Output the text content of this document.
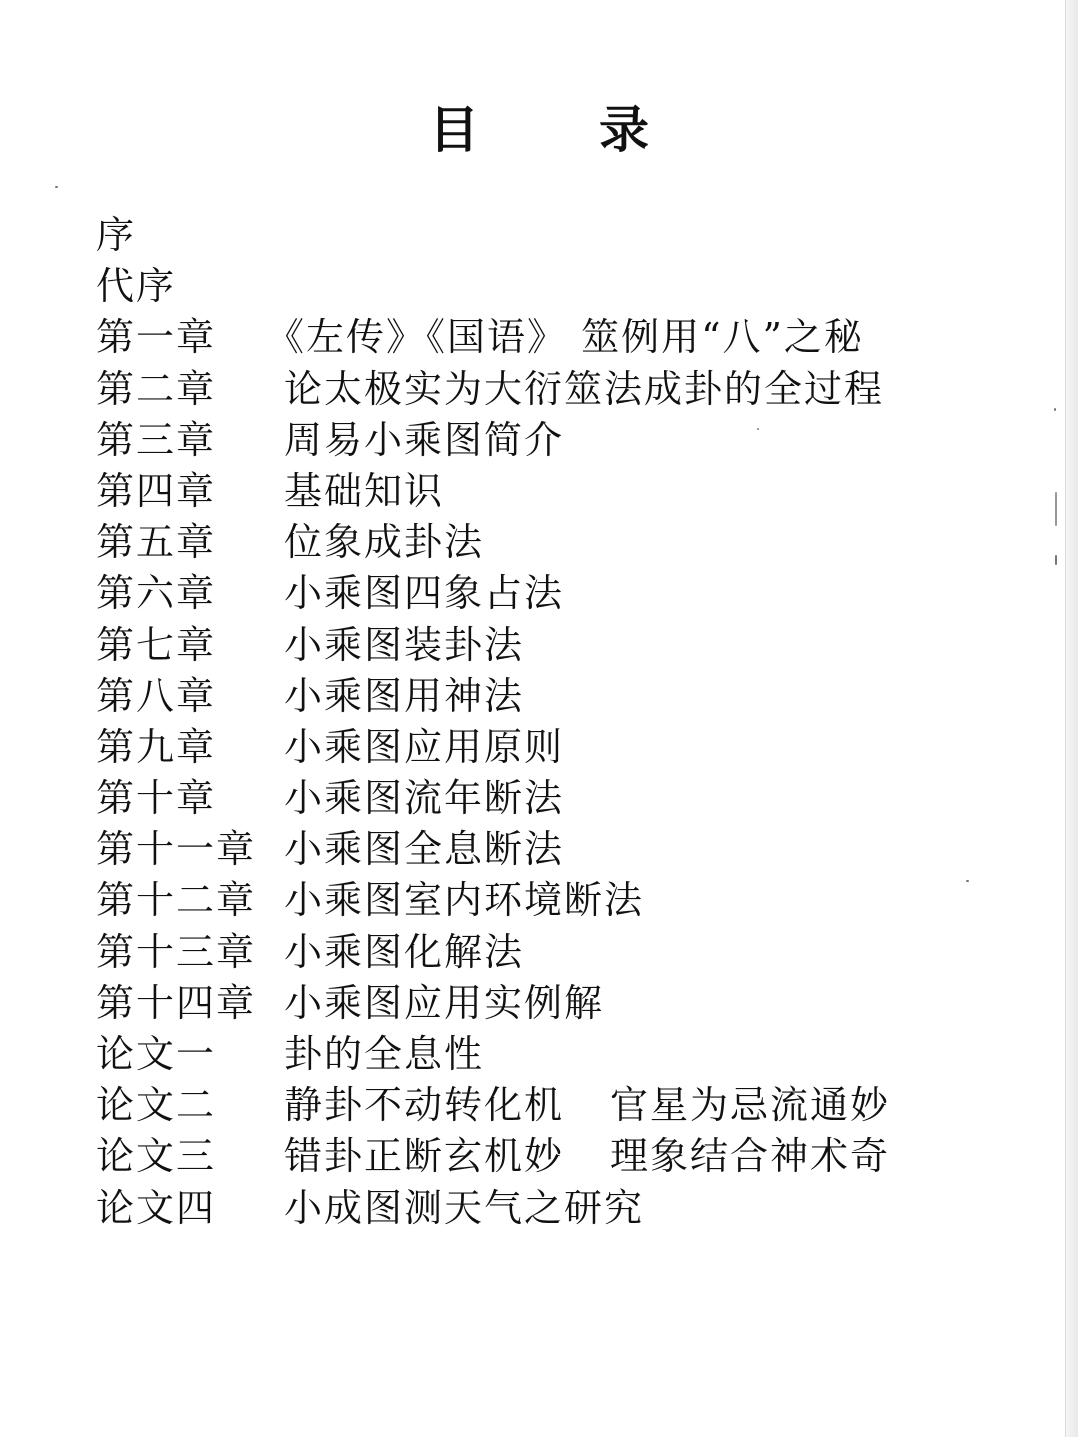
目 录
序
代序
第一章 《左传》《国语》 筮例用“八”之秘
第二章 论太极实为大衍筮法成卦的全过程
第三章 周易小乘图简介
第四章 基础知识
第五章 位象成卦法
第六章 小乘图四象占法
第七章 小乘图装卦法
第八章 小乘图用神法
第九章 小乘图应用原则
第十章 小乘图流年断法
第十一章 小乘图全息断法
第十二章 小乘图室内环境断法
第十三章 小乘图化解法
第十四章 小乘图应用实例解
论文一 卦的全息性
论文二 静卦不动转化机 官星为忌流通妙
论文三 错卦正断玄机妙 理象结合神术奇
论文四 小成图测天气之研究
